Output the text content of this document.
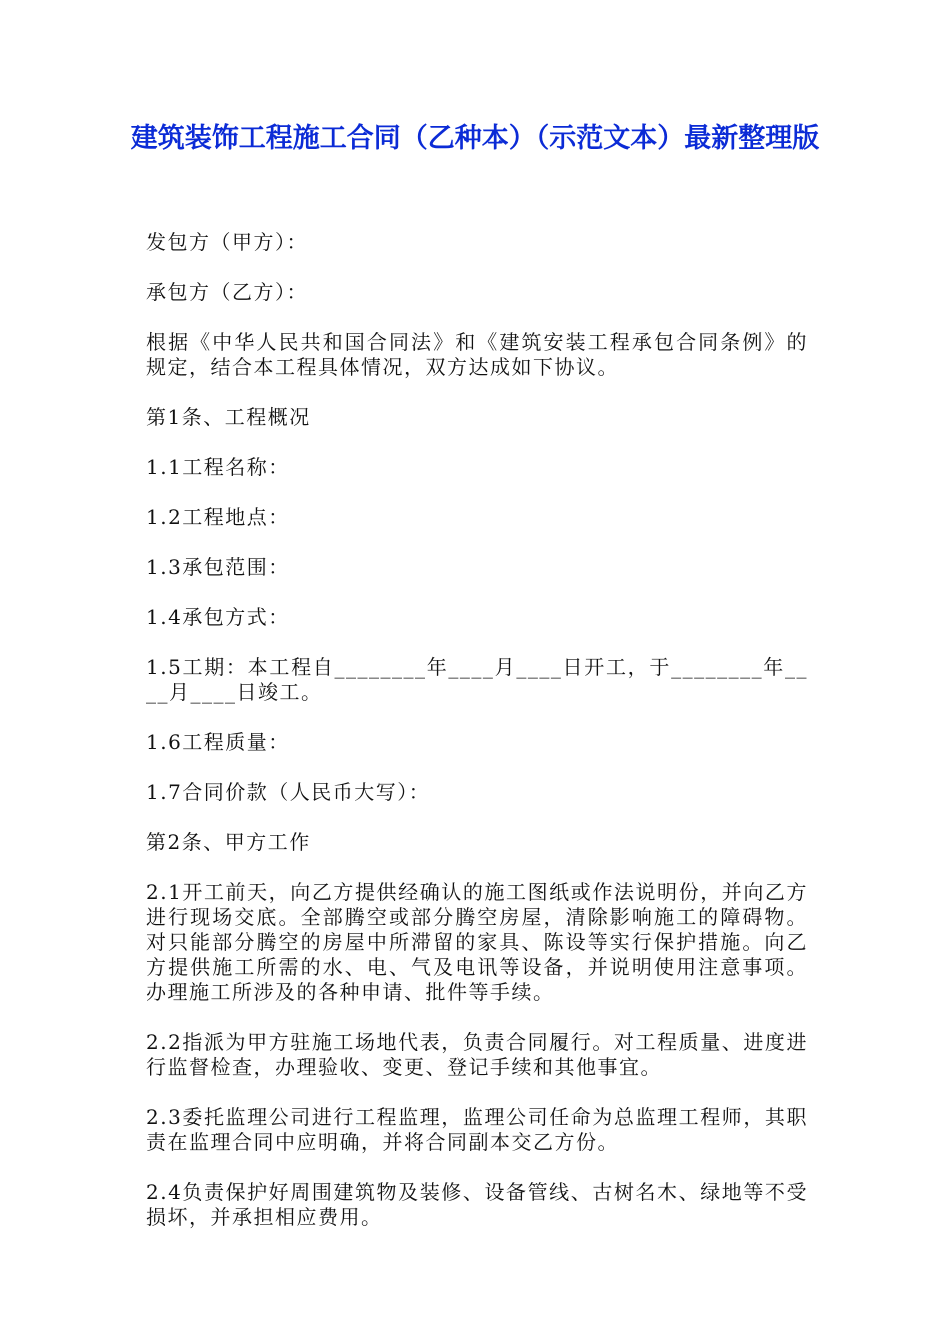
建筑装饰工程施工合同（乙种本）（示范文本）最新整理版

发包方（甲方）：

承包方（乙方）：

根据《中华人民共和国合同法》和《建筑安装工程承包合同条例》的规定，结合本工程具体情况，双方达成如下协议。

第1条、工程概况

1.1工程名称：

1.2工程地点：

1.3承包范围：

1.4承包方式：

1.5工期：本工程自________年____月____日开工，于________年____月____日竣工。

1.6工程质量：

1.7合同价款（人民币大写）：

第2条、甲方工作

2.1开工前天，向乙方提供经确认的施工图纸或作法说明份，并向乙方进行现场交底。全部腾空或部分腾空房屋，清除影响施工的障碍物。对只能部分腾空的房屋中所滞留的家具、陈设等实行保护措施。向乙方提供施工所需的水、电、气及电讯等设备，并说明使用注意事项。办理施工所涉及的各种申请、批件等手续。

2.2指派为甲方驻施工场地代表，负责合同履行。对工程质量、进度进行监督检查，办理验收、变更、登记手续和其他事宜。

2.3委托监理公司进行工程监理，监理公司任命为总监理工程师，其职责在监理合同中应明确，并将合同副本交乙方份。

2.4负责保护好周围建筑物及装修、设备管线、古树名木、绿地等不受损坏，并承担相应费用。
